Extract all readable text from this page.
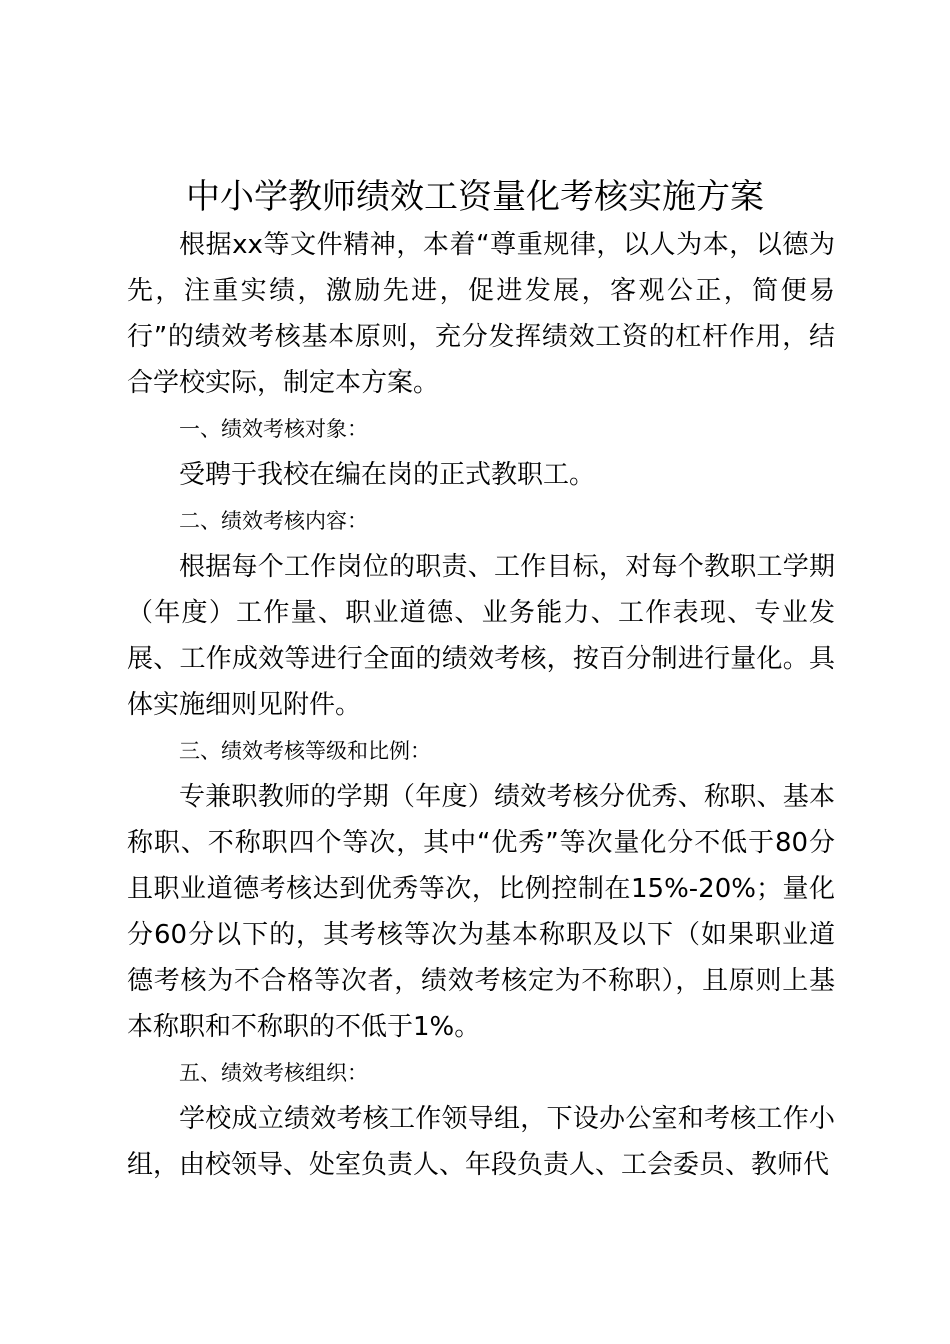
中小学教师绩效工资量化考核实施方案

根据xx等文件精神，本着“尊重规律，以人为本，以德为先，注重实绩，激励先进，促进发展，客观公正，简便易行”的绩效考核基本原则，充分发挥绩效工资的杠杆作用，结合学校实际，制定本方案。

一、绩效考核对象：

受聘于我校在编在岗的正式教职工。

二、绩效考核内容：

根据每个工作岗位的职责、工作目标，对每个教职工学期（年度）工作量、职业道德、业务能力、工作表现、专业发展、工作成效等进行全面的绩效考核，按百分制进行量化。具体实施细则见附件。

三、绩效考核等级和比例：

专兼职教师的学期（年度）绩效考核分优秀、称职、基本称职、不称职四个等次，其中“优秀”等次量化分不低于80分且职业道德考核达到优秀等次，比例控制在15%-20%；量化分60分以下的，其考核等次为基本称职及以下（如果职业道德考核为不合格等次者，绩效考核定为不称职），且原则上基本称职和不称职的不低于1%。

五、绩效考核组织：

学校成立绩效考核工作领导组，下设办公室和考核工作小组，由校领导、处室负责人、年段负责人、工会委员、教师代
